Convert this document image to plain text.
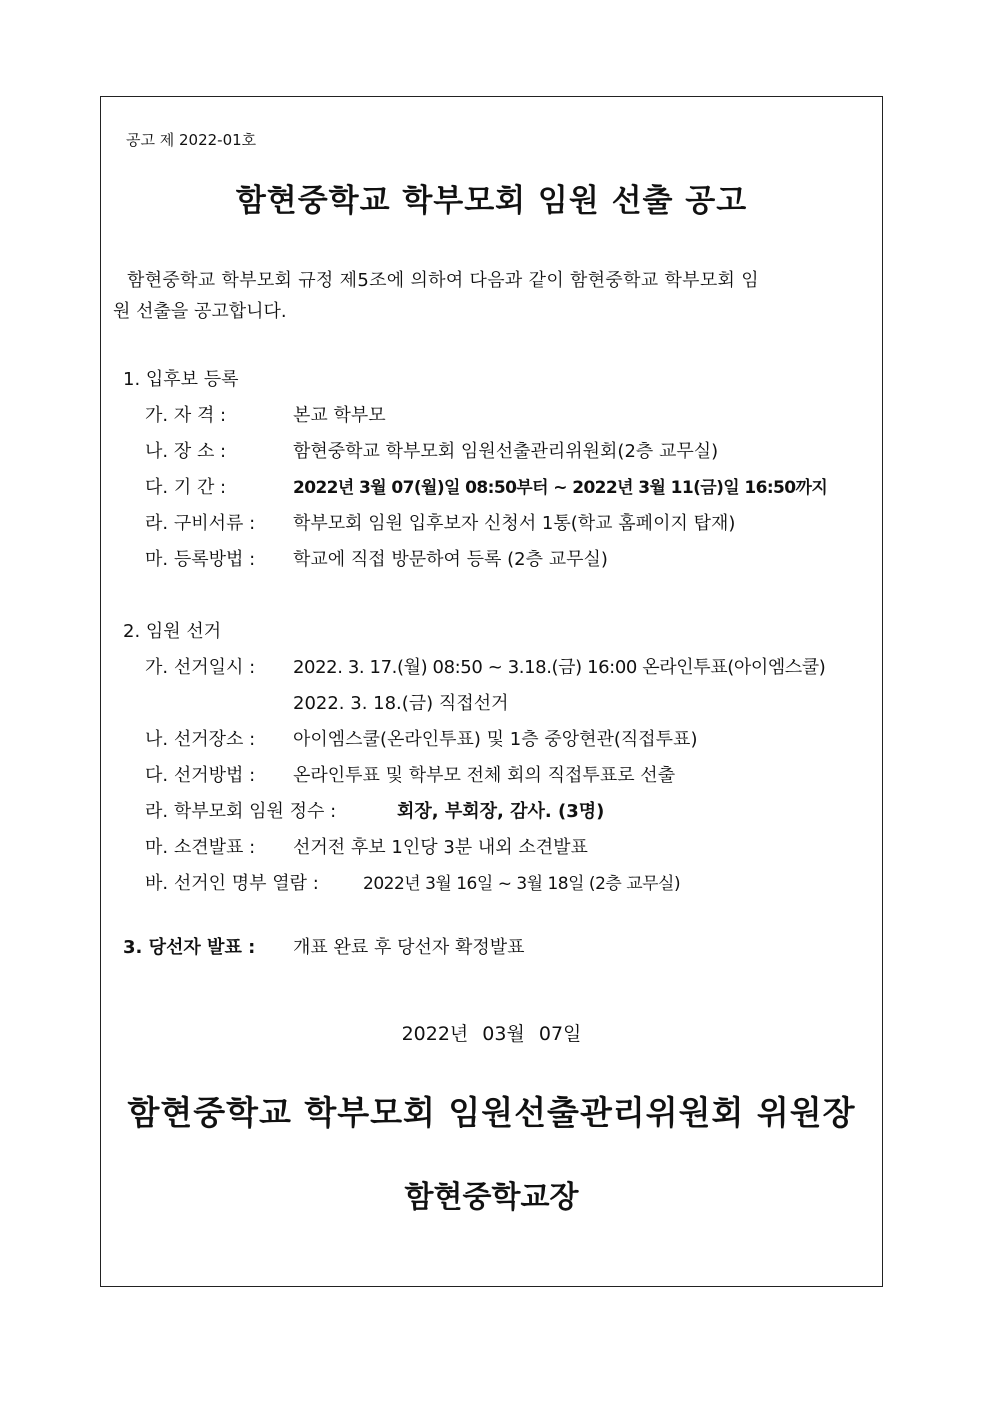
공고 제 2022-01호
함현중학교 학부모회 임원 선출 공고
함현중학교 학부모회 규정 제5조에 의하여 다음과 같이 함현중학교 학부모회 임
원 선출을 공고합니다.
1. 입후보 등록
가. 자 격 :	본교 학부모
나. 장 소 :	함현중학교 학부모회 임원선출관리위원회(2층 교무실)
다. 기 간 :	2022년 3월 07(월)일 08:50부터 ~ 2022년 3월 11(금)일 16:50까지
라. 구비서류 :	학부모회 임원 입후보자 신청서 1통(학교 홈페이지 탑재)
마. 등록방법 :	학교에 직접 방문하여 등록 (2층 교무실)
2. 임원 선거
가. 선거일시 :	2022. 3. 17.(월) 08:50 ~ 3.18.(금) 16:00 온라인투표(아이엠스쿨)
2022. 3. 18.(금) 직접선거
나. 선거장소 :	아이엠스쿨(온라인투표) 및 1층 중앙현관(직접투표)
다. 선거방법 :	온라인투표 및 학부모 전체 회의 직접투표로 선출
라. 학부모회 임원 정수 :	회장, 부회장, 감사. (3명)
마. 소견발표 :	선거전 후보 1인당 3분 내외 소견발표
바. 선거인 명부 열람 :	2022년 3월 16일 ~ 3월 18일 (2층 교무실)
3. 당선자 발표 :	개표 완료 후 당선자 확정발표
2022년 03월 07일
함현중학교 학부모회 임원선출관리위원회 위원장
함현중학교장
